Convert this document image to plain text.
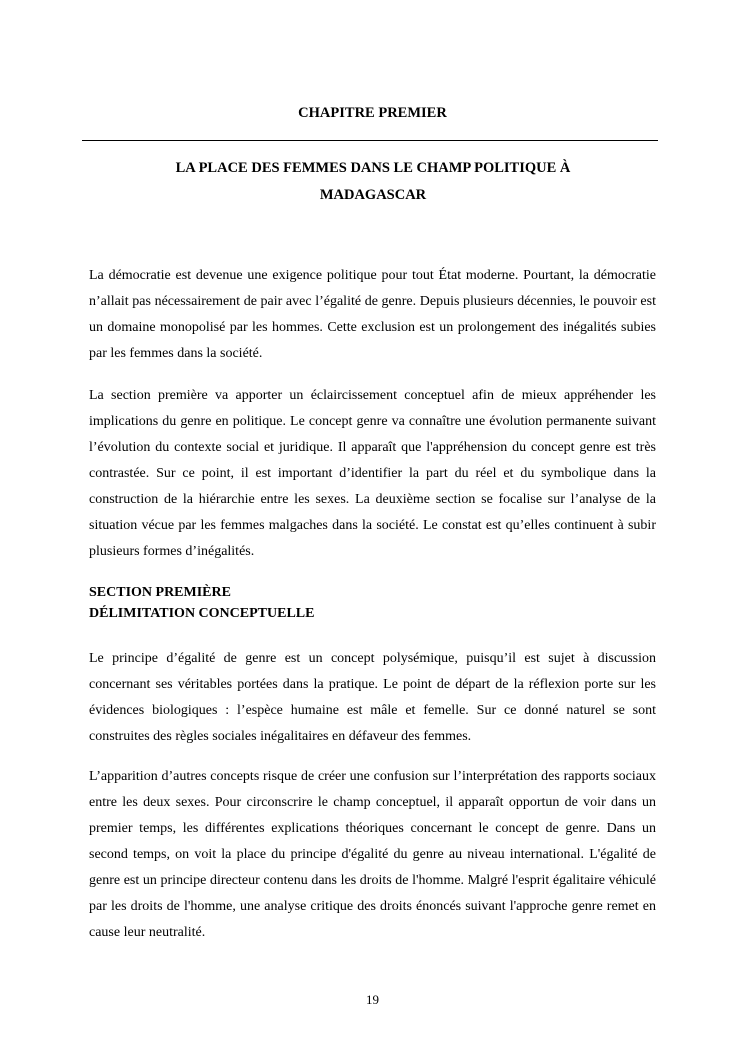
CHAPITRE PREMIER
LA PLACE DES FEMMES DANS LE CHAMP POLITIQUE À
MADAGASCAR

La démocratie est devenue une exigence politique pour tout État moderne. Pourtant, la démocratie n’allait pas nécessairement de pair avec l’égalité de genre. Depuis plusieurs décennies, le pouvoir est un domaine monopolisé par les hommes. Cette exclusion est un prolongement des inégalités subies par les femmes dans la société.

La section première va apporter un éclaircissement conceptuel afin de mieux appréhender les implications du genre en politique. Le concept genre va connaître une évolution permanente suivant l’évolution du contexte social et juridique. Il apparaît que l'appréhension du concept genre est très contrastée. Sur ce point, il est important d’identifier la part du réel et du symbolique dans la construction de la hiérarchie entre les sexes. La deuxième section se focalise sur l’analyse de la situation vécue par les femmes malgaches dans la société. Le constat est qu’elles continuent à subir plusieurs formes d’inégalités.

SECTION PREMIÈRE
DÉLIMITATION CONCEPTUELLE

Le principe d’égalité de genre est un concept polysémique, puisqu’il est sujet à discussion concernant ses véritables portées dans la pratique. Le point de départ de la réflexion porte sur les évidences biologiques : l’espèce humaine est mâle et femelle. Sur ce donné naturel se sont construites des règles sociales inégalitaires en défaveur des femmes.

L’apparition d’autres concepts risque de créer une confusion sur l’interprétation des rapports sociaux entre les deux sexes. Pour circonscrire le champ conceptuel, il apparaît opportun de voir dans un premier temps, les différentes explications théoriques concernant le concept de genre. Dans un second temps, on voit la place du principe d'égalité du genre au niveau international. L'égalité de genre est un principe directeur contenu dans les droits de l'homme. Malgré l'esprit égalitaire véhiculé par les droits de l'homme, une analyse critique des droits énoncés suivant l'approche genre remet en cause leur neutralité.

19
